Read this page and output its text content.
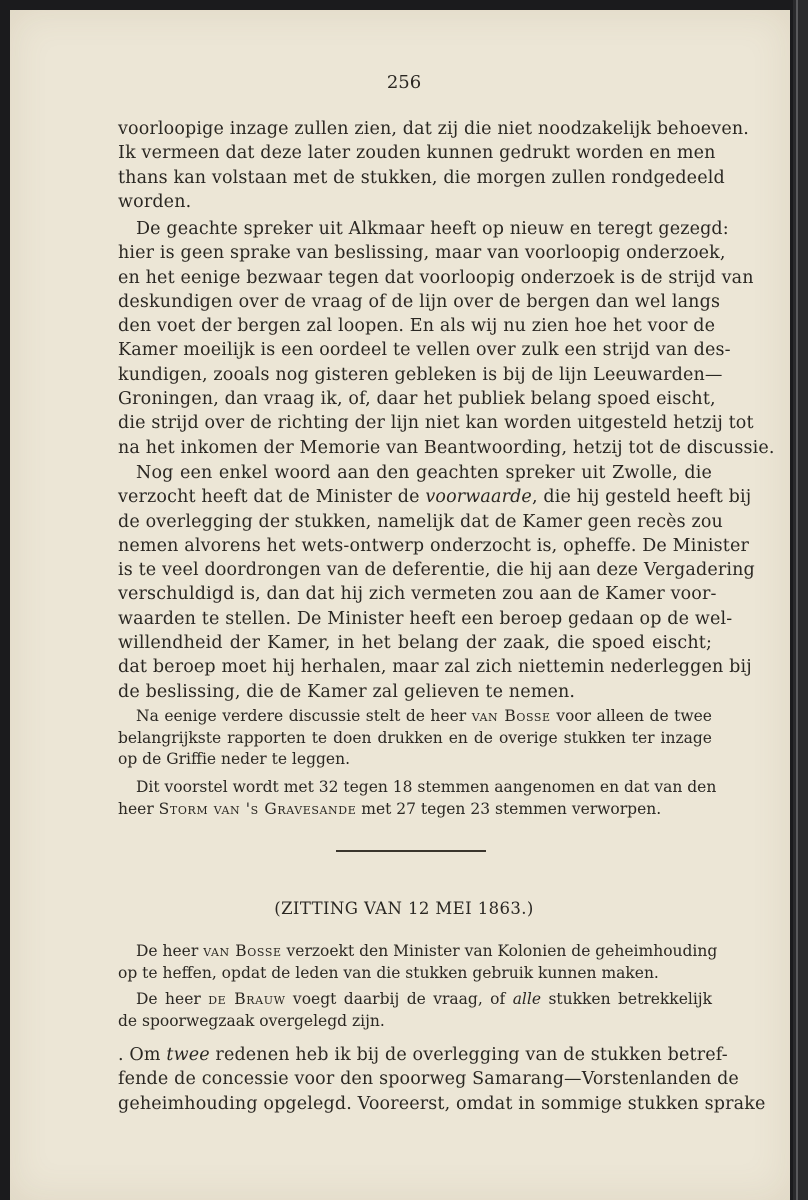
256
voorloopige inzage zullen zien, dat zij die niet noodzakelijk behoeven.
Ik vermeen dat deze later zouden kunnen gedrukt worden en men
thans kan volstaan met de stukken, die morgen zullen rondgedeeld
worden.
De geachte spreker uit Alkmaar heeft op nieuw en teregt gezegd:
hier is geen sprake van beslissing, maar van voorloopig onderzoek,
en het eenige bezwaar tegen dat voorloopig onderzoek is de strijd van
deskundigen over de vraag of de lijn over de bergen dan wel langs
den voet der bergen zal loopen. En als wij nu zien hoe het voor de
Kamer moeilijk is een oordeel te vellen over zulk een strijd van des-
kundigen, zooals nog gisteren gebleken is bij de lijn Leeuwarden—
Groningen, dan vraag ik, of, daar het publiek belang spoed eischt,
die strijd over de richting der lijn niet kan worden uitgesteld hetzij tot
na het inkomen der Memorie van Beantwoording, hetzij tot de discussie.
Nog een enkel woord aan den geachten spreker uit Zwolle, die
verzocht heeft dat de Minister de voorwaarde, die hij gesteld heeft bij
de overlegging der stukken, namelijk dat de Kamer geen recès zou
nemen alvorens het wets-ontwerp onderzocht is, opheffe. De Minister
is te veel doordrongen van de deferentie, die hij aan deze Vergadering
verschuldigd is, dan dat hij zich vermeten zou aan de Kamer voor-
waarden te stellen. De Minister heeft een beroep gedaan op de wel-
willendheid der Kamer, in het belang der zaak, die spoed eischt;
dat beroep moet hij herhalen, maar zal zich niettemin nederleggen bij
de beslissing, die de Kamer zal gelieven te nemen.
Na eenige verdere discussie stelt de heer van Bosse voor alleen de twee
belangrijkste rapporten te doen drukken en de overige stukken ter inzage
op de Griffie neder te leggen.
Dit voorstel wordt met 32 tegen 18 stemmen aangenomen en dat van den
heer Storm van 's Gravesande met 27 tegen 23 stemmen verworpen.
(ZITTING VAN 12 MEI 1863.)
De heer van Bosse verzoekt den Minister van Kolonien de geheimhouding
op te heffen, opdat de leden van die stukken gebruik kunnen maken.
De heer de Brauw voegt daarbij de vraag, of alle stukken betrekkelijk
de spoorwegzaak overgelegd zijn.
. Om twee redenen heb ik bij de overlegging van de stukken betref-
fende de concessie voor den spoorweg Samarang—Vorstenlanden de
geheimhouding opgelegd. Vooreerst, omdat in sommige stukken sprake
